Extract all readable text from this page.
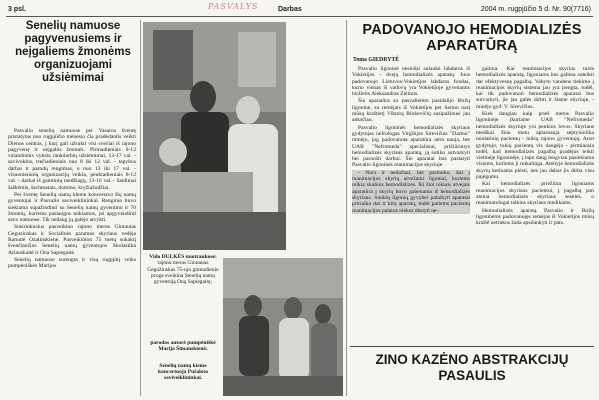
3 psl.	PASVALYS	Darbas	2004 m. rugpjūčio 5 d. Nr. 90(7716)
Senelių namuose pagyvenusiems ir neįgaliems žmonėms organizuojami užsiėmimai

Pasvalio senelių namuose per Vasaros šventę pristatytas nuo rugpjūčio mėnesio čia pradėdantis veikti Dienos centras, į kurį gali užsukti visi svečiai iš rajono pagyvenę ir neįgalūs žmonės. Pirmadieniais 8-12 valandomis vyksta rankdarbių užsiėmimai, 13-17 val. - savivoklos, trečiadieniais nuo 8 iki 12 val. - tapybos darbai ir parodų rengimas, o nuo 13 iki 17 val. - visuomeninių organizacijų veikla, penktadieniais 8-12 val. - darbai iš gamtinių medžiagų, 13-16 val. - žaidimai šaškėmis, šachmatais, domino, kryžiažodžiai.

Per šventę Senelių namų kieme koncertavo šių namų gyventojai ir Pasvalio saviveiklininkai. Renginio buvo siekiama supažindinti su Senelių namų gyvenimu ir 70 žmonių, kuriems paslaugos teikiamos, jei apgyvendinti savo namuose. Tik nedaug jų galėjo atvykti.

Susirinkusius pasveikino rajono meras Gintautas Geguzinskas ir Socialinės paramos skyriaus vedėja Ramutė Ozalinskienė. Pasveikinton 75 metų sukaktį švenčiančios Senelių namų gyventojos Skolastika Arlauskaitė ir Ona Sapiegaitė.

Senelių namuose surengta ir visą rugpjūtį veiks pumpėniškės Marijos

Vido DULKĖS nuotraukose:
rajono meras Gintautas Gegužinskas 75-uju gimtadienio proga sveikina Senelių namų gyventoją Oną Sapiegaitę;
parodos autorė pumpėniškė Marija Šimanskienė;
Senelių namų kieme koncertuoja Pušaloto saviveiklininkai.
PADOVANOJO HEMODIALIZĖS APARATŪRĄ
Toma GIEDRYTĖ

Pasvalio ligoninė nesiošai sulaukė labdaros iš Vokietijos - dvejų hemodializės aparatų. Juos padovanojo Lietuvos-Vokietijos labdaros fondas, kurio vienas iš vadovų yra Vokietijoje gyvenantis biržietis Aleksandras Zeltinis.

Šia aparatūra su pasvalietėm pasidalijo Biržų ligoninė, su remėjais iš Vokietijos per Seimo narį mūsų kraštietį Viktorą Rinkevičių susipažinusi jau anksčiau.

Pasvalio ligoninės hemodializės skyriaus gydytojas nefrologas Virgilijus Sirevičius "Darbui" minėjo, jog padovanota aparatūra nėra nauja, bet UAB "Nefromeda" specialistai, prižiūrintys hemodializės skyriaus aparatą, ją sutiko sutvarkyti bei paruošti darbui. Šie aparatai bus pastatyti Pasvalio ligoninės reanimacijos skyriuje.

- Nors ir nedažnai, bet pasitaiko, kai į reanimacijos skyrių atvežami ligoniai, kuriems reikia skubios hemodializės. Iki šiol tokiais atvejais aparatūra į skyrių buvo gabenama iš hemodializės skyriaus. Sunkių ligonių gyvybei palaikyti aparatai pritraiko dar ir kitų aparatų, todėl patiems pacientų reanimacijos palatos niekur dėstyti ne-

galima. Kai reanimacijos skyrius turės hemodializės aparatą, ligoniams bus galima suteikti dar efektyvesnę pagalbą. Vabyto vandens tiekimo į reanimacijos skyrių sistema jau yra įrengta, todėl, kai tik padovanoti hemodializės aparatai bus sutvarkyti, jie jau galės dirbti ir šiame skyriuje, - minėjo gyd. V. Sirevičius.

Kiek daugiau kaip prieš metus Pasvalio ligoninėje įkurtame UAB "Nefromeda" hemodializės skyriuje yra penkios lovos. Skyriaus medikai šiuo metu aptarnauja septyniolika nuolatinių pacientų - mūsų rajono gyventojų. Anot gydytojo, tokių pacientų vis daugėja - pirmiausia todėl, kad hemodializės pagalbą pradėjus teikti vietinėje ligoninėje, į tapo daug lengviau pasiekiama visiems, kuriems ji reikalinga. Ateityje hemodializės skyrių ketinama plėsti, nes jau dabar jis dirba visu pajėgumu.

Kai hemodializės priežiūra ligoniams reanimacijos skyriaus pacientui, į pagalbą jam ateina hemodializės skyriaus seselės, o reanimatologai talkins skyriaus medikams.

Hemodializės aparatą Pasvalio ir Biržų ligoninėms padovanojęs remėjas iš Vokietijos mūsų kraštė netrukus žada apsilankyti ir pats.

ZINO KAZĖNO ABSTRAKCIJŲ PASAULIS
